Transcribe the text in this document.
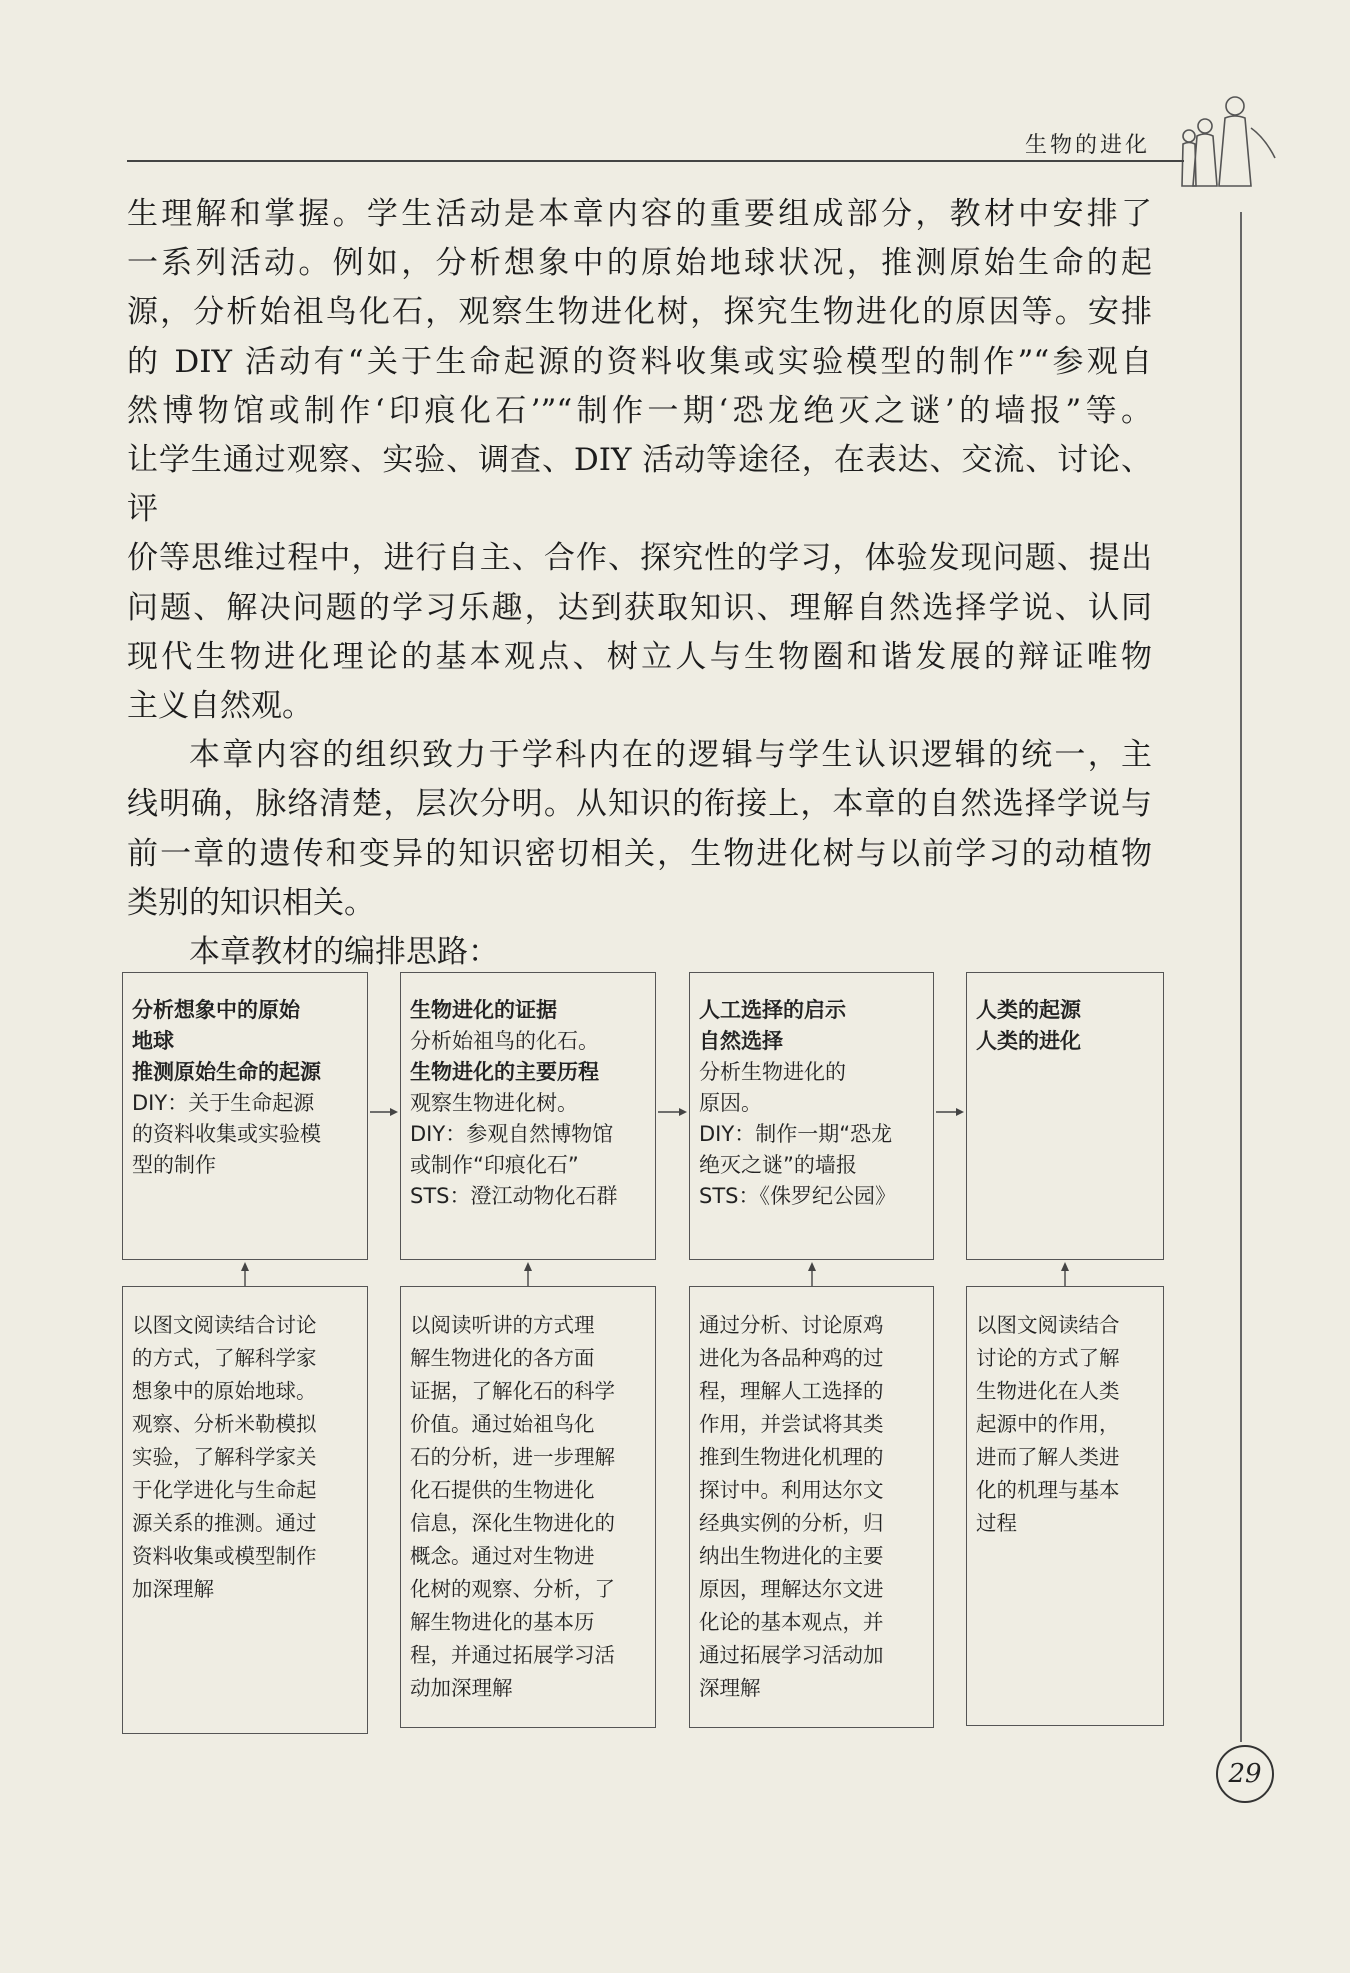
生物的进化

生理解和掌握。学生活动是本章内容的重要组成部分，教材中安排了

一系列活动。例如，分析想象中的原始地球状况，推测原始生命的起

源，分析始祖鸟化石，观察生物进化树，探究生物进化的原因等。安排

的 DIY 活动有“关于生命起源的资料收集或实验模型的制作”“参观自

然博物馆或制作‘印痕化石’”“制作一期‘恐龙绝灭之谜’的墙报”等。

让学生通过观察、实验、调查、DIY 活动等途径，在表达、交流、讨论、评

价等思维过程中，进行自主、合作、探究性的学习，体验发现问题、提出

问题、解决问题的学习乐趣，达到获取知识、理解自然选择学说、认同

现代生物进化理论的基本观点、树立人与生物圈和谐发展的辩证唯物

主义自然观。

本章内容的组织致力于学科内在的逻辑与学生认识逻辑的统一，主

线明确，脉络清楚，层次分明。从知识的衔接上，本章的自然选择学说与

前一章的遗传和变异的知识密切相关，生物进化树与以前学习的动植物

类别的知识相关。

本章教材的编排思路：

分析想象中的原始
地球
推测原始生命的起源
DIY：关于生命起源
的资料收集或实验模
型的制作
生物进化的证据
分析始祖鸟的化石。
生物进化的主要历程
观察生物进化树。
DIY：参观自然博物馆
或制作“印痕化石”
STS：澄江动物化石群
人工选择的启示
自然选择
分析生物进化的
原因。
DIY：制作一期“恐龙
绝灭之谜”的墙报
STS：《侏罗纪公园》
人类的起源
人类的进化
以图文阅读结合讨论
的方式，了解科学家
想象中的原始地球。
观察、分析米勒模拟
实验，了解科学家关
于化学进化与生命起
源关系的推测。通过
资料收集或模型制作
加深理解
以阅读听讲的方式理
解生物进化的各方面
证据，了解化石的科学
价值。通过始祖鸟化
石的分析，进一步理解
化石提供的生物进化
信息，深化生物进化的
概念。通过对生物进
化树的观察、分析，了
解生物进化的基本历
程，并通过拓展学习活
动加深理解
通过分析、讨论原鸡
进化为各品种鸡的过
程，理解人工选择的
作用，并尝试将其类
推到生物进化机理的
探讨中。利用达尔文
经典实例的分析，归
纳出生物进化的主要
原因，理解达尔文进
化论的基本观点，并
通过拓展学习活动加
深理解
以图文阅读结合
讨论的方式了解
生物进化在人类
起源中的作用，
进而了解人类进
化的机理与基本
过程
29
